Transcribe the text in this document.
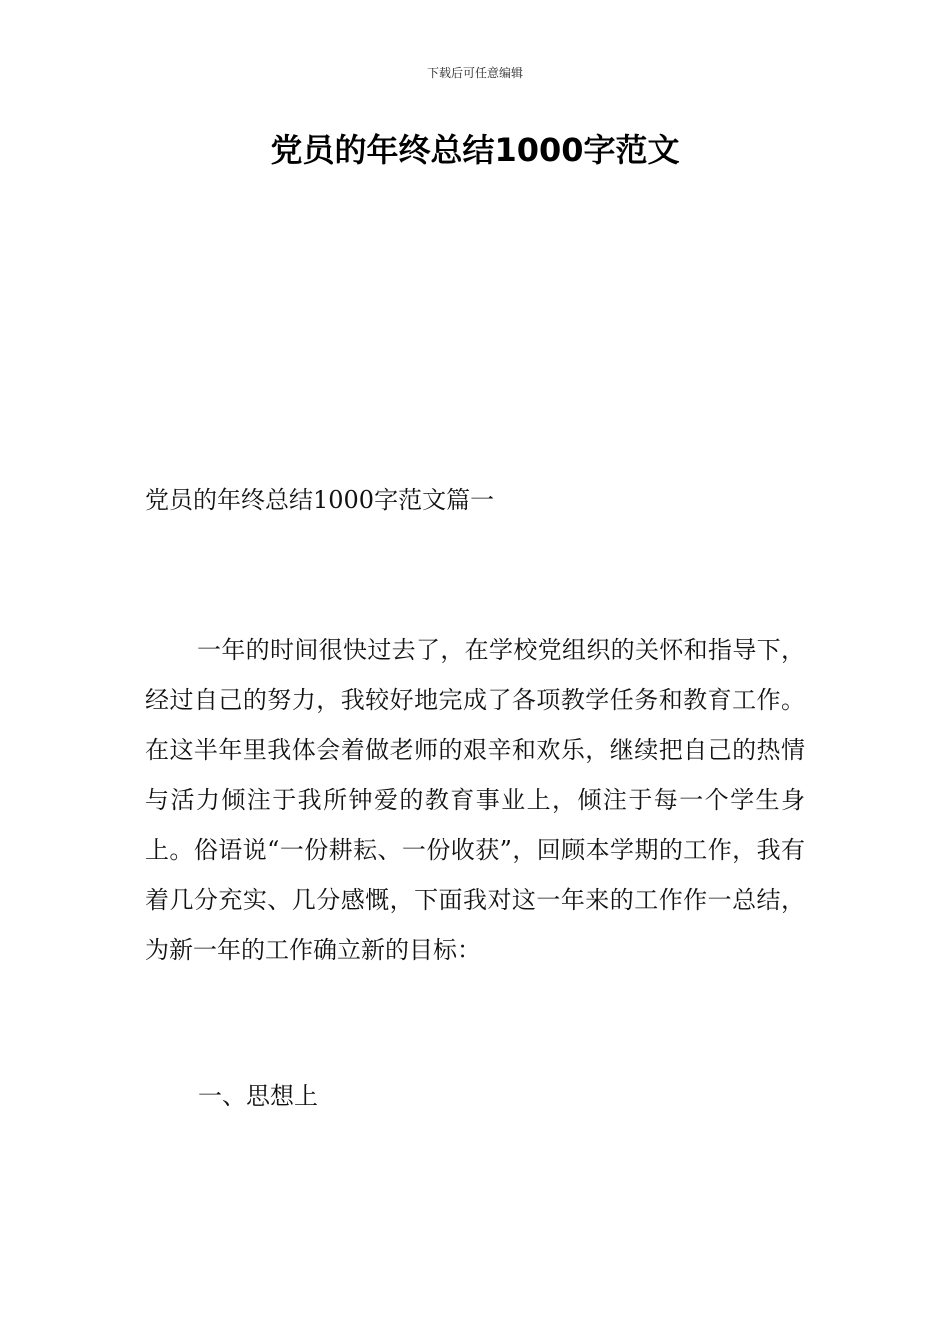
下载后可任意编辑
党员的年终总结1000字范文
党员的年终总结1000字范文篇一
一年的时间很快过去了，在学校党组织的关怀和指导下，经过自己的努力，我较好地完成了各项教学任务和教育工作。在这半年里我体会着做老师的艰辛和欢乐，继续把自己的热情与活力倾注于我所钟爱的教育事业上，倾注于每一个学生身上。俗语说“一份耕耘、一份收获”，回顾本学期的工作，我有着几分充实、几分感慨，下面我对这一年来的工作作一总结，为新一年的工作确立新的目标：
一、思想上
